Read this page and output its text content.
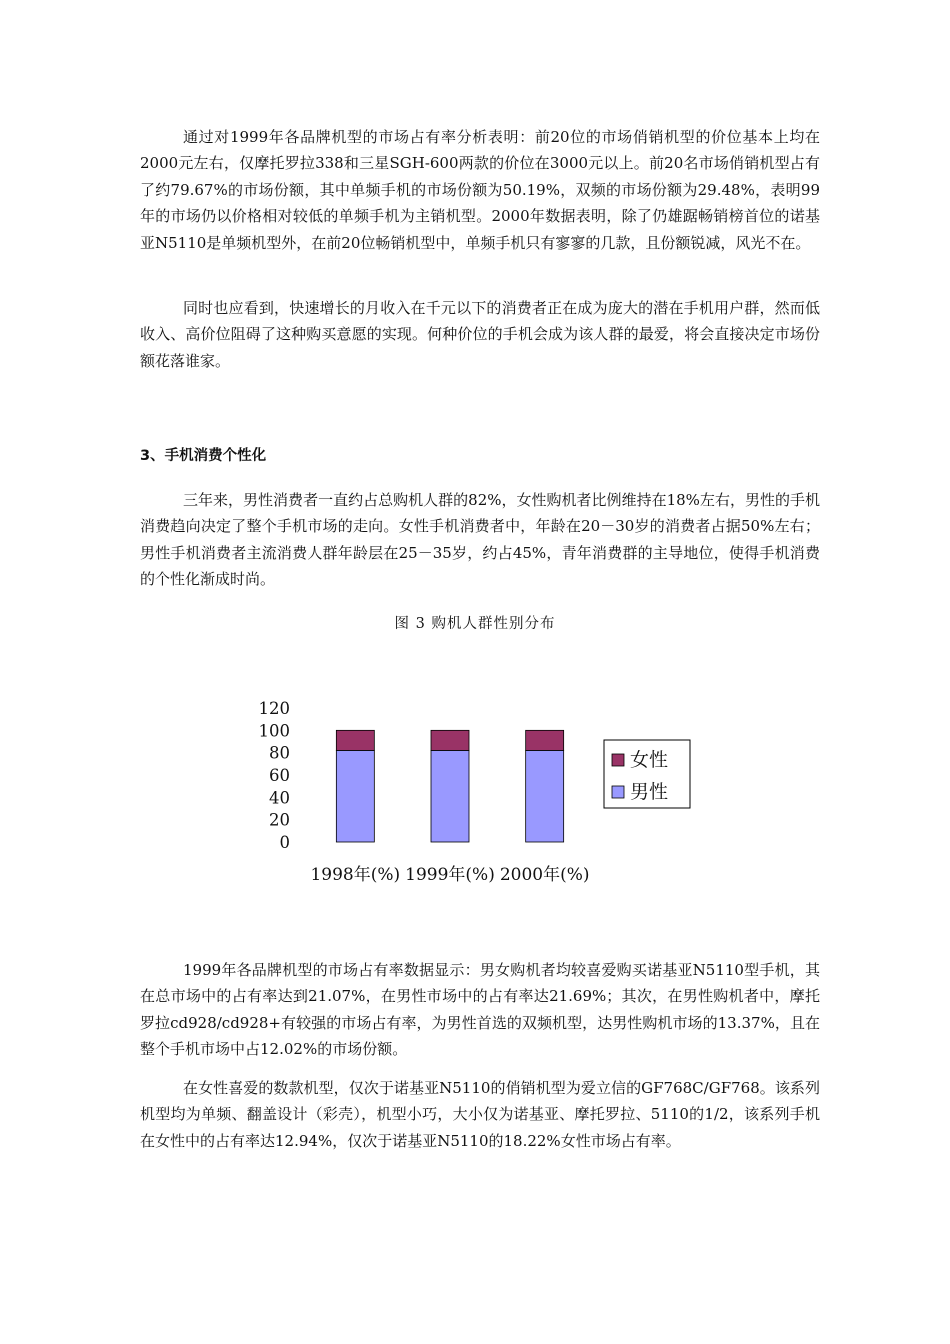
通过对1999年各品牌机型的市场占有率分析表明：前20位的市场俏销机型的价位基本上均在2000元左右，仅摩托罗拉338和三星SGH-600两款的价位在3000元以上。前20名市场俏销机型占有了约79.67%的市场份额，其中单频手机的市场份额为50.19%，双频的市场份额为29.48%，表明99年的市场仍以价格相对较低的单频手机为主销机型。2000年数据表明，除了仍雄踞畅销榜首位的诺基亚N5110是单频机型外，在前20位畅销机型中，单频手机只有寥寥的几款，且份额锐减，风光不在。

同时也应看到，快速增长的月收入在千元以下的消费者正在成为庞大的潜在手机用户群，然而低收入、高价位阻碍了这种购买意愿的实现。何种价位的手机会成为该人群的最爱，将会直接决定市场份额花落谁家。

3、手机消费个性化

三年来，男性消费者一直约占总购机人群的82%，女性购机者比例维持在18%左右，男性的手机消费趋向决定了整个手机市场的走向。女性手机消费者中，年龄在20－30岁的消费者占据50%左右；男性手机消费者主流消费人群年龄层在25－35岁，约占45%，青年消费群的主导地位，使得手机消费的个性化渐成时尚。

图 3 购机人群性别分布

0
20
40
60
80
100
120
1998年(%) 1999年(%) 2000年(%)
女性
男性

1999年各品牌机型的市场占有率数据显示：男女购机者均较喜爱购买诺基亚N5110型手机，其在总市场中的占有率达到21.07%，在男性市场中的占有率达21.69%；其次，在男性购机者中，摩托罗拉cd928/cd928+有较强的市场占有率，为男性首选的双频机型，达男性购机市场的13.37%，且在整个手机市场中占12.02%的市场份额。

在女性喜爱的数款机型，仅次于诺基亚N5110的俏销机型为爱立信的GF768C/GF768。该系列机型均为单频、翻盖设计（彩壳），机型小巧，大小仅为诺基亚、摩托罗拉、5110的1/2，该系列手机在女性中的占有率达12.94%，仅次于诺基亚N5110的18.22%女性市场占有率。
